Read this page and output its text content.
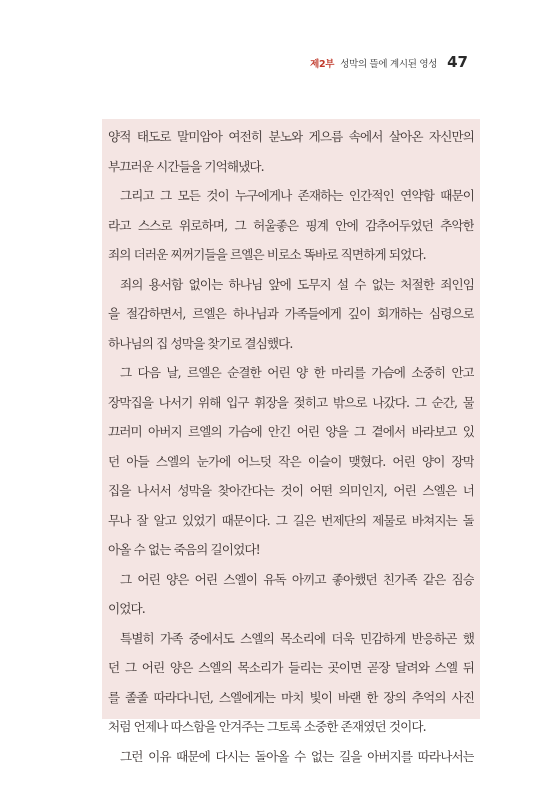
제2부 성막의 뜰에 계시된 영성 47
양적 태도로 말미암아 여전히 분노와 게으름 속에서 살아온 자신만의
부끄러운 시간들을 기억해냈다.
그리고 그 모든 것이 누구에게나 존재하는 인간적인 연약함 때문이
라고 스스로 위로하며, 그 허울좋은 핑계 안에 감추어두었던 추악한
죄의 더러운 찌꺼기들을 르엘은 비로소 똑바로 직면하게 되었다.
죄의 용서함 없이는 하나님 앞에 도무지 설 수 없는 처절한 죄인임
을 절감하면서, 르엘은 하나님과 가족들에게 깊이 회개하는 심령으로
하나님의 집 성막을 찾기로 결심했다.
그 다음 날, 르엘은 순결한 어린 양 한 마리를 가슴에 소중히 안고
장막집을 나서기 위해 입구 휘장을 젖히고 밖으로 나갔다. 그 순간, 물
끄러미 아버지 르엘의 가슴에 안긴 어린 양을 그 곁에서 바라보고 있
던 아들 스엘의 눈가에 어느덧 작은 이슬이 맺혔다. 어린 양이 장막
집을 나서서 성막을 찾아간다는 것이 어떤 의미인지, 어린 스엘은 너
무나 잘 알고 있었기 때문이다. 그 길은 번제단의 제물로 바쳐지는 돌
아올 수 없는 죽음의 길이었다!
그 어린 양은 어린 스엘이 유독 아끼고 좋아했던 친가족 같은 짐승
이었다.
특별히 가족 중에서도 스엘의 목소리에 더욱 민감하게 반응하곤 했
던 그 어린 양은 스엘의 목소리가 들리는 곳이면 곧장 달려와 스엘 뒤
를 졸졸 따라다니던, 스엘에게는 마치 빛이 바랜 한 장의 추억의 사진
처럼 언제나 따스함을 안겨주는 그토록 소중한 존재였던 것이다.
그런 이유 때문에 다시는 돌아올 수 없는 길을 아버지를 따라나서는
